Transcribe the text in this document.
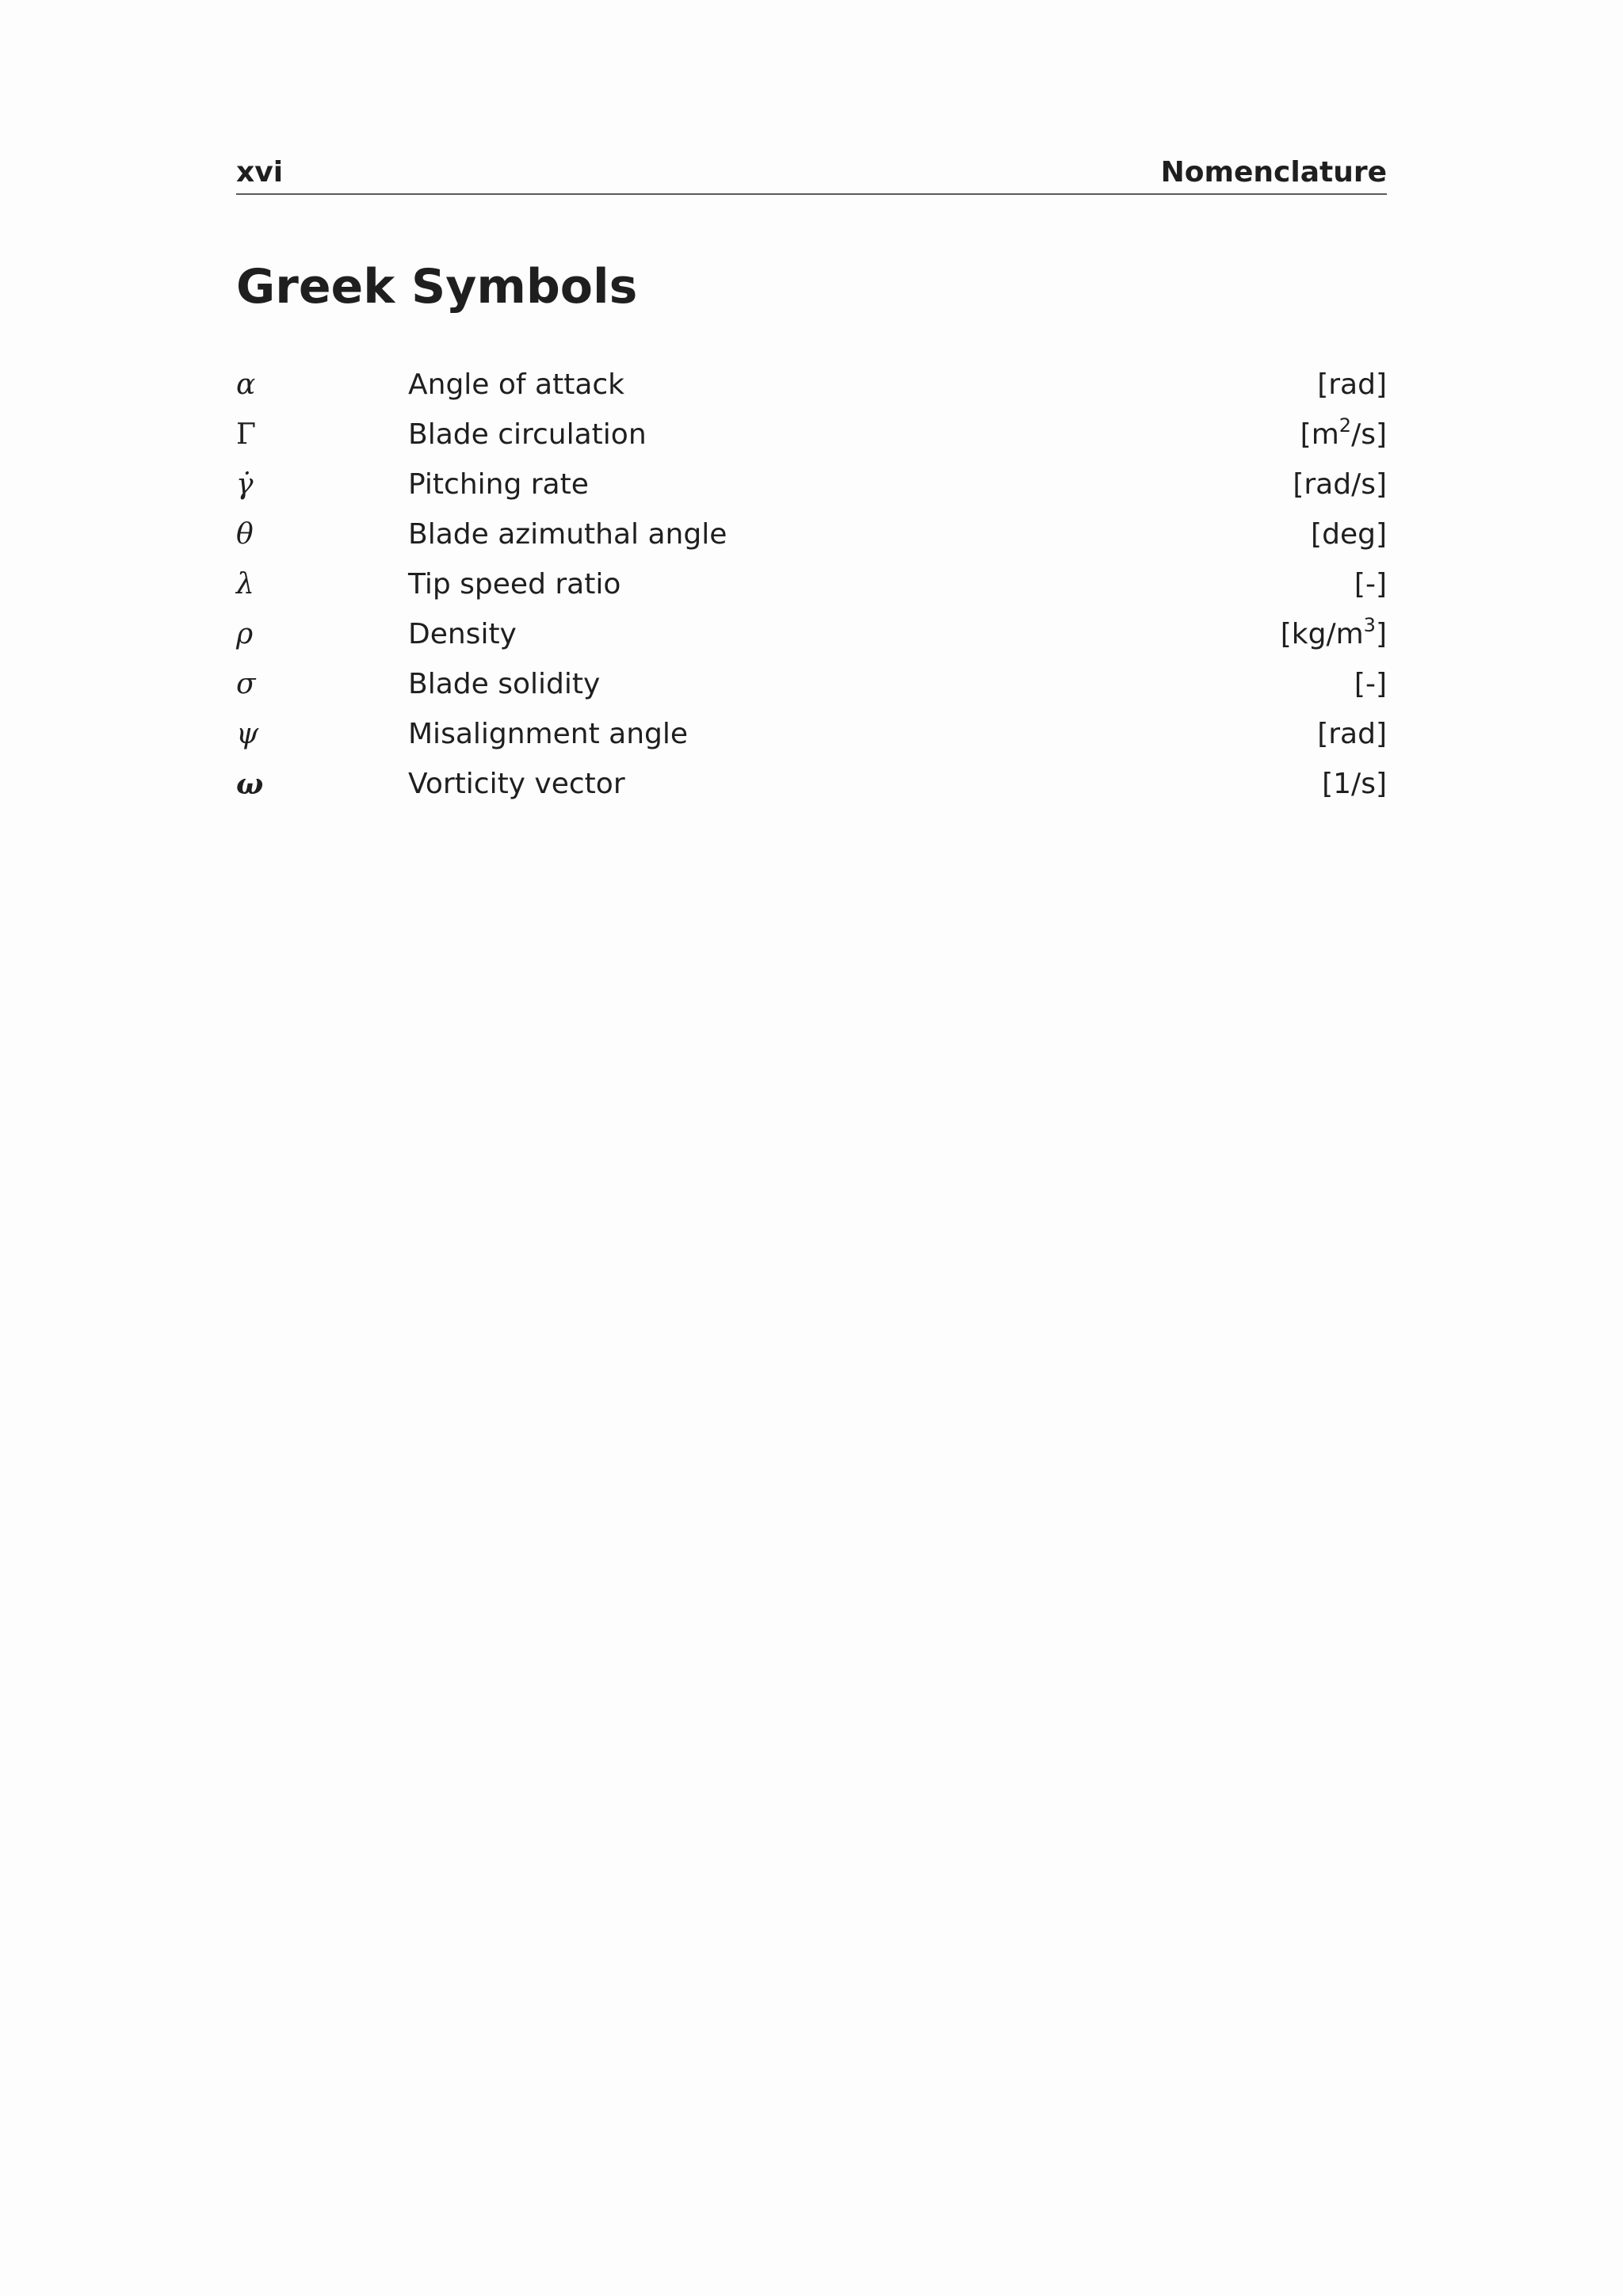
xvi	Nomenclature
Greek Symbols
α	Angle of attack	[rad]
Γ	Blade circulation	$[m^2/s]$
γ̇	Pitching rate	[rad/s]
θ	Blade azimuthal angle	[deg]
λ	Tip speed ratio	[-]
ρ	Density	$[kg/m^3]$
σ	Blade solidity	[-]
ψ	Misalignment angle	[rad]
ω	Vorticity vector	[1/s]
